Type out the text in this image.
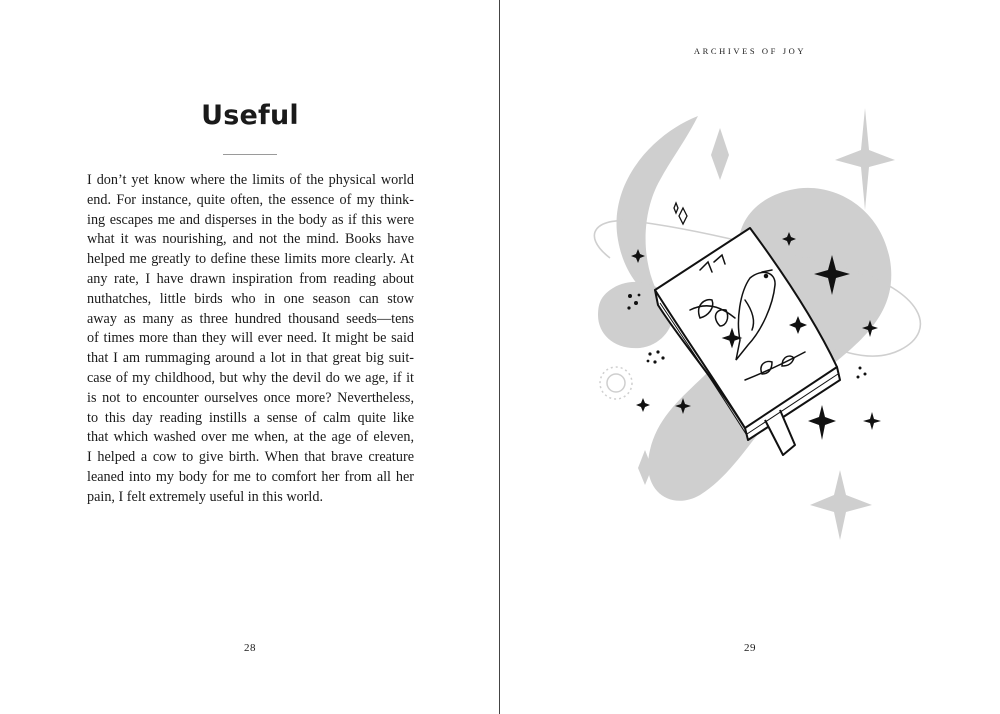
Useful
I don’t yet know where the limits of the physical world
end. For instance, quite often, the essence of my think-
ing escapes me and disperses in the body as if this were
what it was nourishing, and not the mind. Books have
helped me greatly to define these limits more clearly. At
any rate, I have drawn inspiration from reading about
nuthatches, little birds who in one season can stow
away as many as three hundred thousand seeds—tens
of times more than they will ever need. It might be said
that I am rummaging around a lot in that great big suit-
case of my childhood, but why the devil do we age, if it
is not to encounter ourselves once more? Nevertheless,
to this day reading instills a sense of calm quite like
that which washed over me when, at the age of eleven,
I helped a cow to give birth. When that brave creature
leaned into my body for me to comfort her from all her
pain, I felt extremely useful in this world.
28
ARCHIVES OF JOY
29
